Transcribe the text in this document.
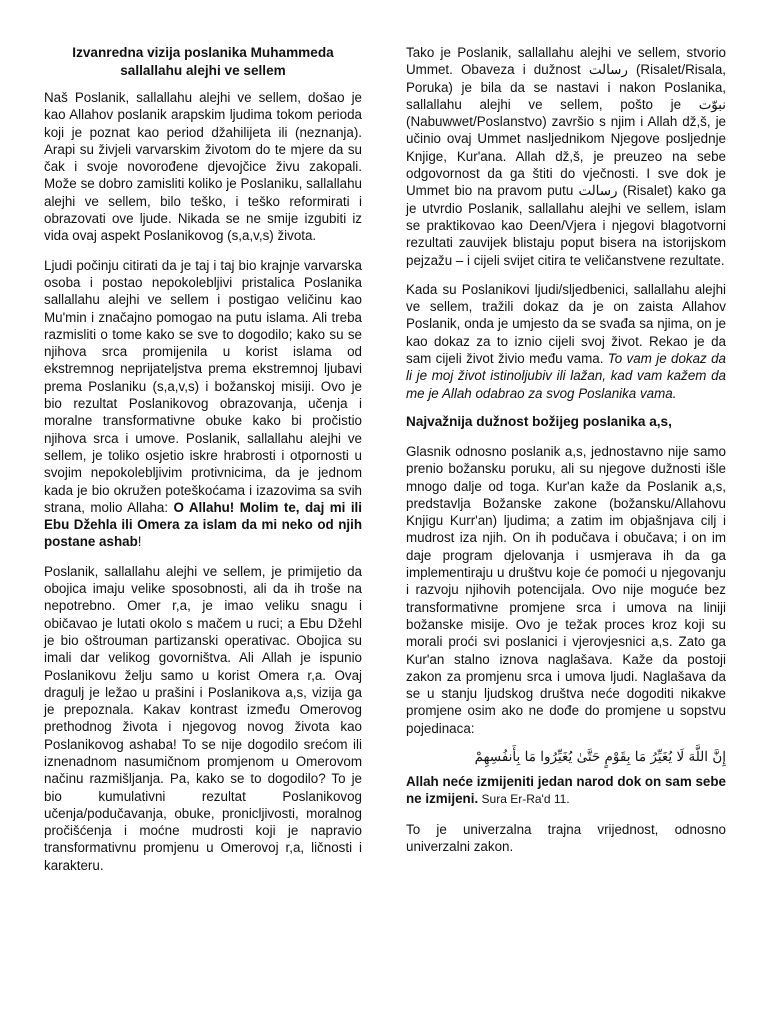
Izvanredna vizija poslanika Muhammeda sallallahu alejhi ve sellem

Naš Poslanik, sallallahu alejhi ve sellem, došao je kao Allahov poslanik arapskim ljudima tokom perioda koji je poznat kao period džahilijeta ili (neznanja). Arapi su živjeli varvarskim životom do te mjere da su čak i svoje novorođene djevojčice živu zakopali. Može se dobro zamisliti koliko je Poslaniku, sallallahu alejhi ve sellem, bilo teško, i teško reformirati i obrazovati ove ljude. Nikada se ne smije izgubiti iz vida ovaj aspekt Poslanikovog (s,a,v,s) života.

Ljudi počinju citirati da je taj i taj bio krajnje varvarska osoba i postao nepokolebljivi pristalica Poslanika sallallahu alejhi ve sellem i postigao veličinu kao Mu'min i značajno pomogao na putu islama. Ali treba razmisliti o tome kako se sve to dogodilo; kako su se njihova srca promijenila u korist islama od ekstremnog neprijateljstva prema ekstremnoj ljubavi prema Poslaniku (s,a,v,s) i božanskoj misiji. Ovo je bio rezultat Poslanikovog obrazovanja, učenja i moralne transformativne obuke kako bi pročistio njihova srca i umove. Poslanik, sallallahu alejhi ve sellem, je toliko osjetio iskre hrabrosti i otpornosti u svojim nepokolebljivim protivnicima, da je jednom kada je bio okružen poteškoćama i izazovima sa svih strana, molio Allaha: O Allahu! Molim te, daj mi ili Ebu Džehla ili Omera za islam da mi neko od njih postane ashab!

Poslanik, sallallahu alejhi ve sellem, je primijetio da obojica imaju velike sposobnosti, ali da ih troše na nepotrebno. Omer r,a, je imao veliku snagu i običavao je lutati okolo s mačem u ruci; a Ebu Džehl je bio oštrouman partizanski operativac. Obojica su imali dar velikog govorništva. Ali Allah je ispunio Poslanikovu želju samo u korist Omera r,a. Ovaj dragulj je ležao u prašini i Poslanikova a,s, vizija ga je prepoznala. Kakav kontrast između Omerovog prethodnog života i njegovog novog života kao Poslanikovog ashaba! To se nije dogodilo srećom ili iznenadnom nasumičnom promjenom u Omerovom načinu razmišljanja. Pa, kako se to dogodilo? To je bio kumulativni rezultat Poslanikovog učenja/podučavanja, obuke, proniclјivosti, moralnog pročišćenja i moćne mudrosti koji je napravio transformativnu promjenu u Omerovoj r,a, ličnosti i karakteru.

Tako je Poslanik, sallallahu alejhi ve sellem, stvorio Ummet. Obaveza i dužnost رسالت (Risalet/Risala, Poruka) je bila da se nastavi i nakon Poslanika, sallallahu alejhi ve sellem, pošto je نبوّت (Nabuwwet/Poslanstvo) završio s njim i Allah dž,š, je učinio ovaj Ummet nasljednikom Njegove posljednje Knjige, Kur'ana. Allah dž,š, je preuzeo na sebe odgovornost da ga štiti do vječnosti. I sve dok je Ummet bio na pravom putu رسالت (Risalet) kako ga je utvrdio Poslanik, sallallahu alejhi ve sellem, islam se praktikovao kao Deen/Vjera i njegovi blagotvorni rezultati zauvijek blistaju poput bisera na istorijskom pejzažu – i cijeli svijet citira te veličanstvene rezultate.

Kada su Poslanikovi ljudi/sljedbenici, sallallahu alejhi ve sellem, tražili dokaz da je on zaista Allahov Poslanik, onda je umjesto da se svađa sa njima, on je kao dokaz za to iznio cijeli svoj život. Rekao je da sam cijeli život živio među vama. To vam je dokaz da li je moj život istinoljubiv ili lažan, kad vam kažem da me je Allah odabrao za svog Poslanika vama.

Najvažnija dužnost božijeg poslanika a,s,

Glasnik odnosno poslanik a,s, jednostavno nije samo prenio božansku poruku, ali su njegove dužnosti išle mnogo dalje od toga. Kur'an kaže da Poslanik a,s, predstavlja Božanske zakone (božansku/Allahovu Knjigu Kurr'an) ljudima; a zatim im objašnjava cilj i mudrost iza njih. On ih podučava i obučava; i on im daje program djelovanja i usmjerava ih da ga implementiraju u društvu koje će pomoći u njegovanju i razvoju njihovih potencijala. Ovo nije moguće bez transformativne promjene srca i umova na liniji božanske misije. Ovo je težak proces kroz koji su morali proći svi poslanici i vjerovjesnici a,s. Zato ga Kur'an stalno iznova naglašava. Kaže da postoji zakon za promjenu srca i umova ljudi. Naglašava da se u stanju ljudskog društva neće dogoditi nikakve promjene osim ako ne dođe do promjene u sopstvu pojedinaca:

إِنَّ اللَّهَ لَا يُغَيِّرُ مَا بِقَوْمٍ حَتَّىٰ يُغَيِّرُوا مَا بِأَنفُسِهِمْ

Allah neće izmijeniti jedan narod dok on sam sebe ne izmijeni. Sura Er-Ra'd 11.

To je univerzalna trajna vrijednost, odnosno univerzalni zakon.
